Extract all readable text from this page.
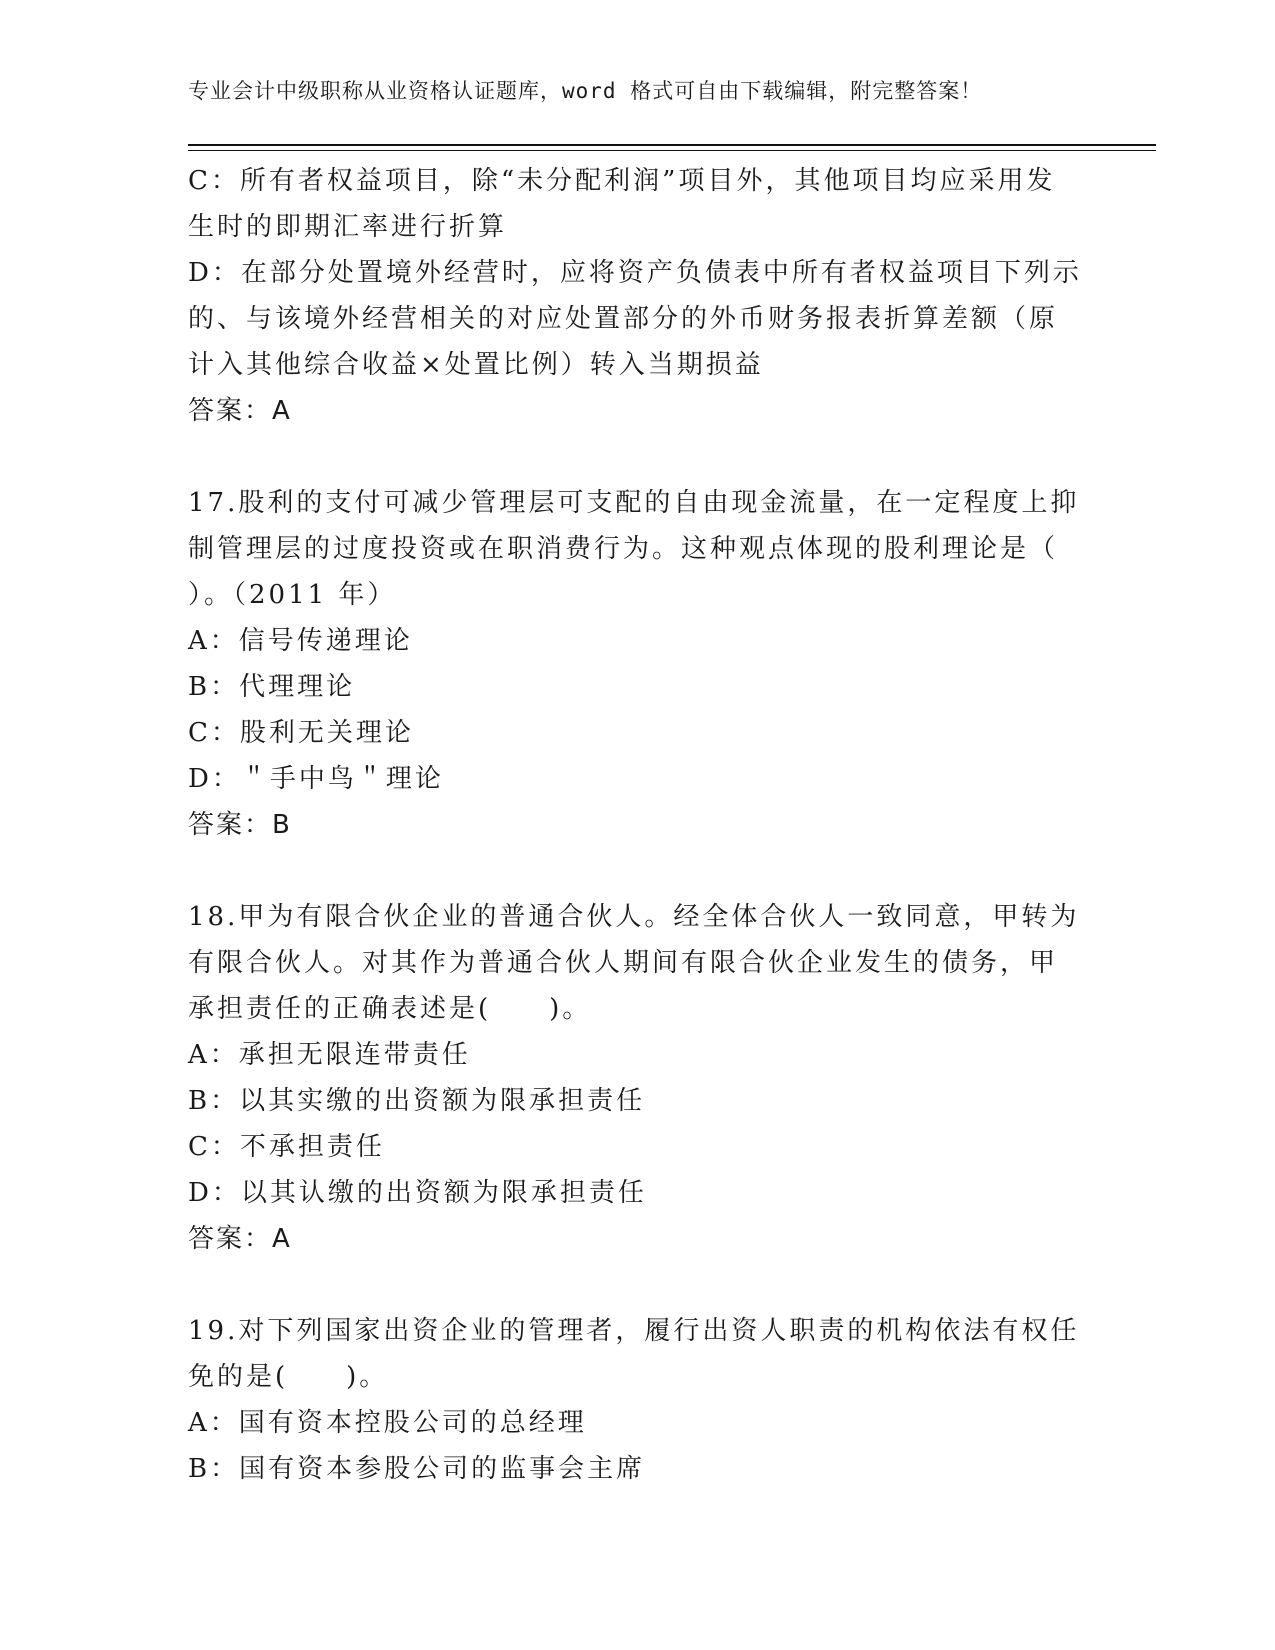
专业会计中级职称从业资格认证题库，word 格式可自由下载编辑，附完整答案！
C：所有者权益项目，除“未分配利润”项目外，其他项目均应采用发
生时的即期汇率进行折算
D：在部分处置境外经营时，应将资产负债表中所有者权益项目下列示
的、与该境外经营相关的对应处置部分的外币财务报表折算差额（原
计入其他综合收益×处置比例）转入当期损益
答案：A
17.股利的支付可减少管理层可支配的自由现金流量，在一定程度上抑
制管理层的过度投资或在职消费行为。这种观点体现的股利理论是（
）。（2011 年）
A：信号传递理论
B：代理理论
C：股利无关理论
D：＂手中鸟＂理论
答案：B
18.甲为有限合伙企业的普通合伙人。经全体合伙人一致同意，甲转为
有限合伙人。对其作为普通合伙人期间有限合伙企业发生的债务，甲
承担责任的正确表述是(　　)。
A：承担无限连带责任
B：以其实缴的出资额为限承担责任
C：不承担责任
D：以其认缴的出资额为限承担责任
答案：A
19.对下列国家出资企业的管理者，履行出资人职责的机构依法有权任
免的是(　　)。
A：国有资本控股公司的总经理
B：国有资本参股公司的监事会主席
